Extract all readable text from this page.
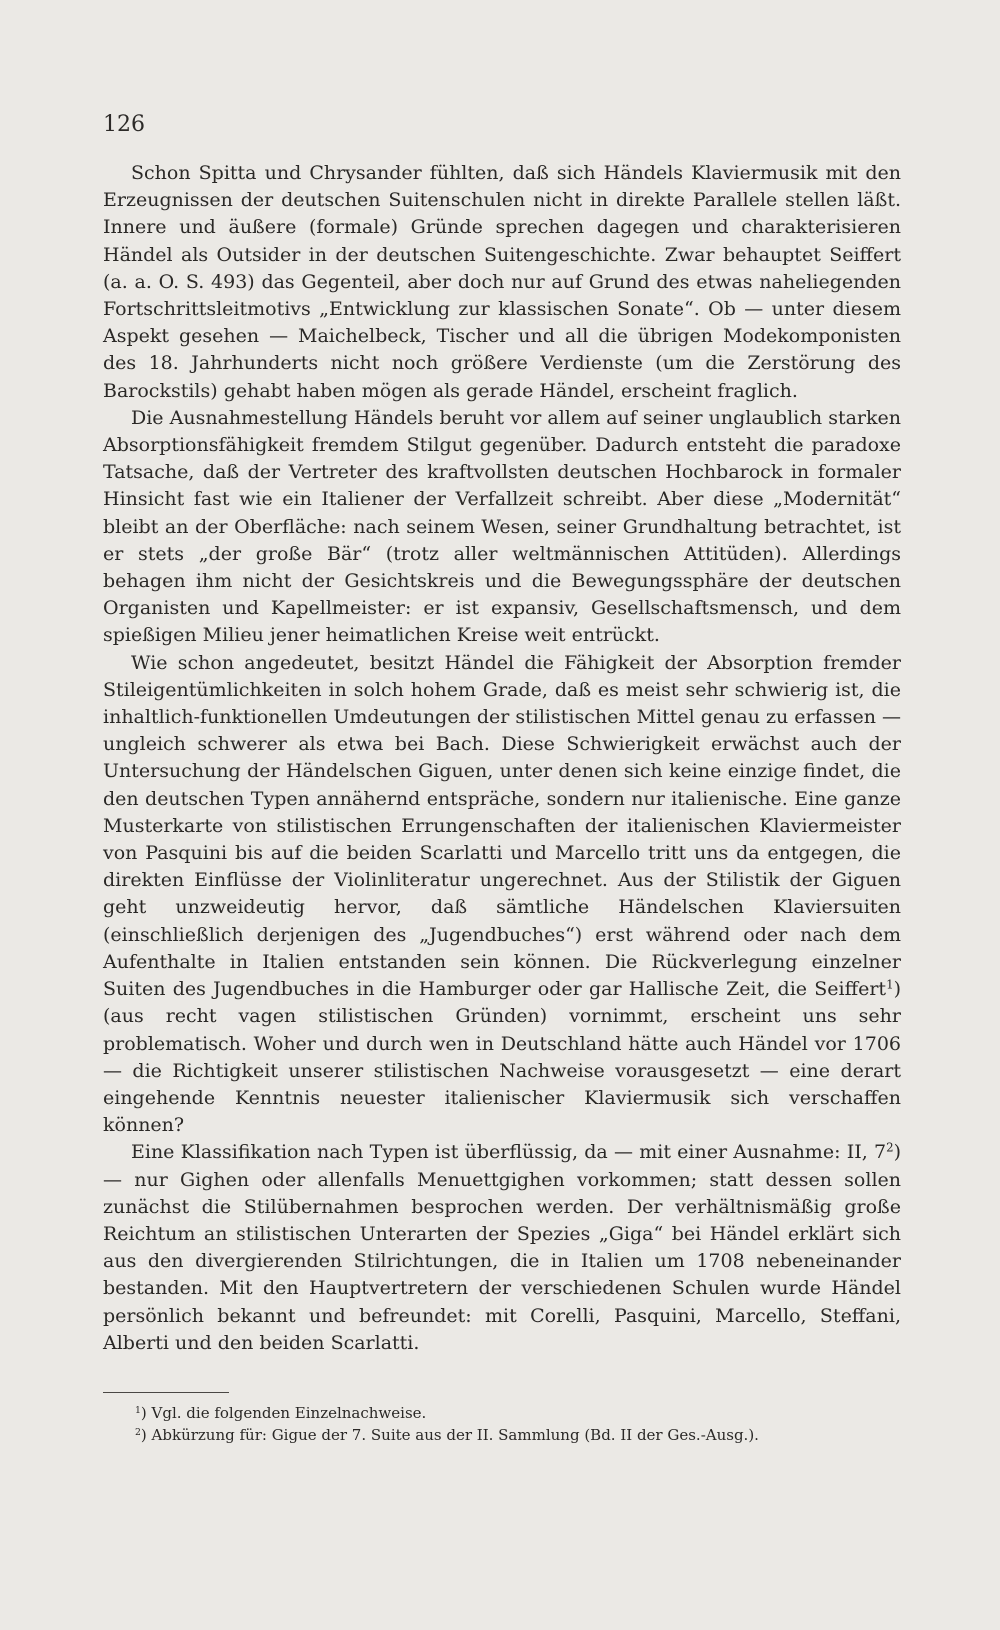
126

Schon Spitta und Chrysander fühlten, daß sich Händels Klaviermusik mit den Erzeugnissen der deutschen Suitenschulen nicht in direkte Parallele stellen läßt. Innere und äußere (formale) Gründe sprechen dagegen und charakterisieren Händel als Outsider in der deutschen Suitengeschichte. Zwar behauptet Seiffert (a. a. O. S. 493) das Gegenteil, aber doch nur auf Grund des etwas naheliegenden Fortschrittsleitmotivs „Entwicklung zur klassischen Sonate“. Ob — unter diesem Aspekt gesehen — Maichelbeck, Tischer und all die übrigen Modekomponisten des 18. Jahrhunderts nicht noch größere Verdienste (um die Zerstörung des Barockstils) gehabt haben mögen als gerade Händel, erscheint fraglich.

Die Ausnahmestellung Händels beruht vor allem auf seiner unglaublich starken Absorptionsfähigkeit fremdem Stilgut gegenüber. Dadurch entsteht die paradoxe Tatsache, daß der Vertreter des kraftvollsten deutschen Hochbarock in formaler Hinsicht fast wie ein Italiener der Verfallzeit schreibt. Aber diese „Modernität“ bleibt an der Oberfläche: nach seinem Wesen, seiner Grundhaltung betrachtet, ist er stets „der große Bär“ (trotz aller weltmännischen Attitüden). Allerdings behagen ihm nicht der Gesichtskreis und die Bewegungssphäre der deutschen Organisten und Kapellmeister: er ist expansiv, Gesellschaftsmensch, und dem spießigen Milieu jener heimatlichen Kreise weit entrückt.

Wie schon angedeutet, besitzt Händel die Fähigkeit der Absorption fremder Stileigentümlichkeiten in solch hohem Grade, daß es meist sehr schwierig ist, die inhaltlich-funktionellen Umdeutungen der stilistischen Mittel genau zu erfassen — ungleich schwerer als etwa bei Bach. Diese Schwierigkeit erwächst auch der Untersuchung der Händelschen Giguen, unter denen sich keine einzige findet, die den deutschen Typen annähernd entspräche, sondern nur italienische. Eine ganze Musterkarte von stilistischen Errungenschaften der italienischen Klaviermeister von Pasquini bis auf die beiden Scarlatti und Marcello tritt uns da entgegen, die direkten Einflüsse der Violinliteratur ungerechnet. Aus der Stilistik der Giguen geht unzweideutig hervor, daß sämtliche Händelschen Klaviersuiten (einschließlich derjenigen des „Jugendbuches“) erst während oder nach dem Aufenthalte in Italien entstanden sein können. Die Rückverlegung einzelner Suiten des Jugendbuches in die Hamburger oder gar Hallische Zeit, die Seiffert$^1$) (aus recht vagen stilistischen Gründen) vornimmt, erscheint uns sehr problematisch. Woher und durch wen in Deutschland hätte auch Händel vor 1706 — die Richtigkeit unserer stilistischen Nachweise vorausgesetzt — eine derart eingehende Kenntnis neuester italienischer Klaviermusik sich verschaffen können?

Eine Klassifikation nach Typen ist überflüssig, da — mit einer Ausnahme: II, $7^2$) — nur Gighen oder allenfalls Menuettgighen vorkommen; statt dessen sollen zunächst die Stilübernahmen besprochen werden. Der verhältnismäßig große Reichtum an stilistischen Unterarten der Spezies „Giga“ bei Händel erklärt sich aus den divergierenden Stilrichtungen, die in Italien um 1708 nebeneinander bestanden. Mit den Hauptvertretern der verschiedenen Schulen wurde Händel persönlich bekannt und befreundet: mit Corelli, Pasquini, Marcello, Steffani, Alberti und den beiden Scarlatti.

$^1$) Vgl. die folgenden Einzelnachweise.
$^2$) Abkürzung für: Gigue der 7. Suite aus der II. Sammlung (Bd. II der Ges.-Ausg.).
